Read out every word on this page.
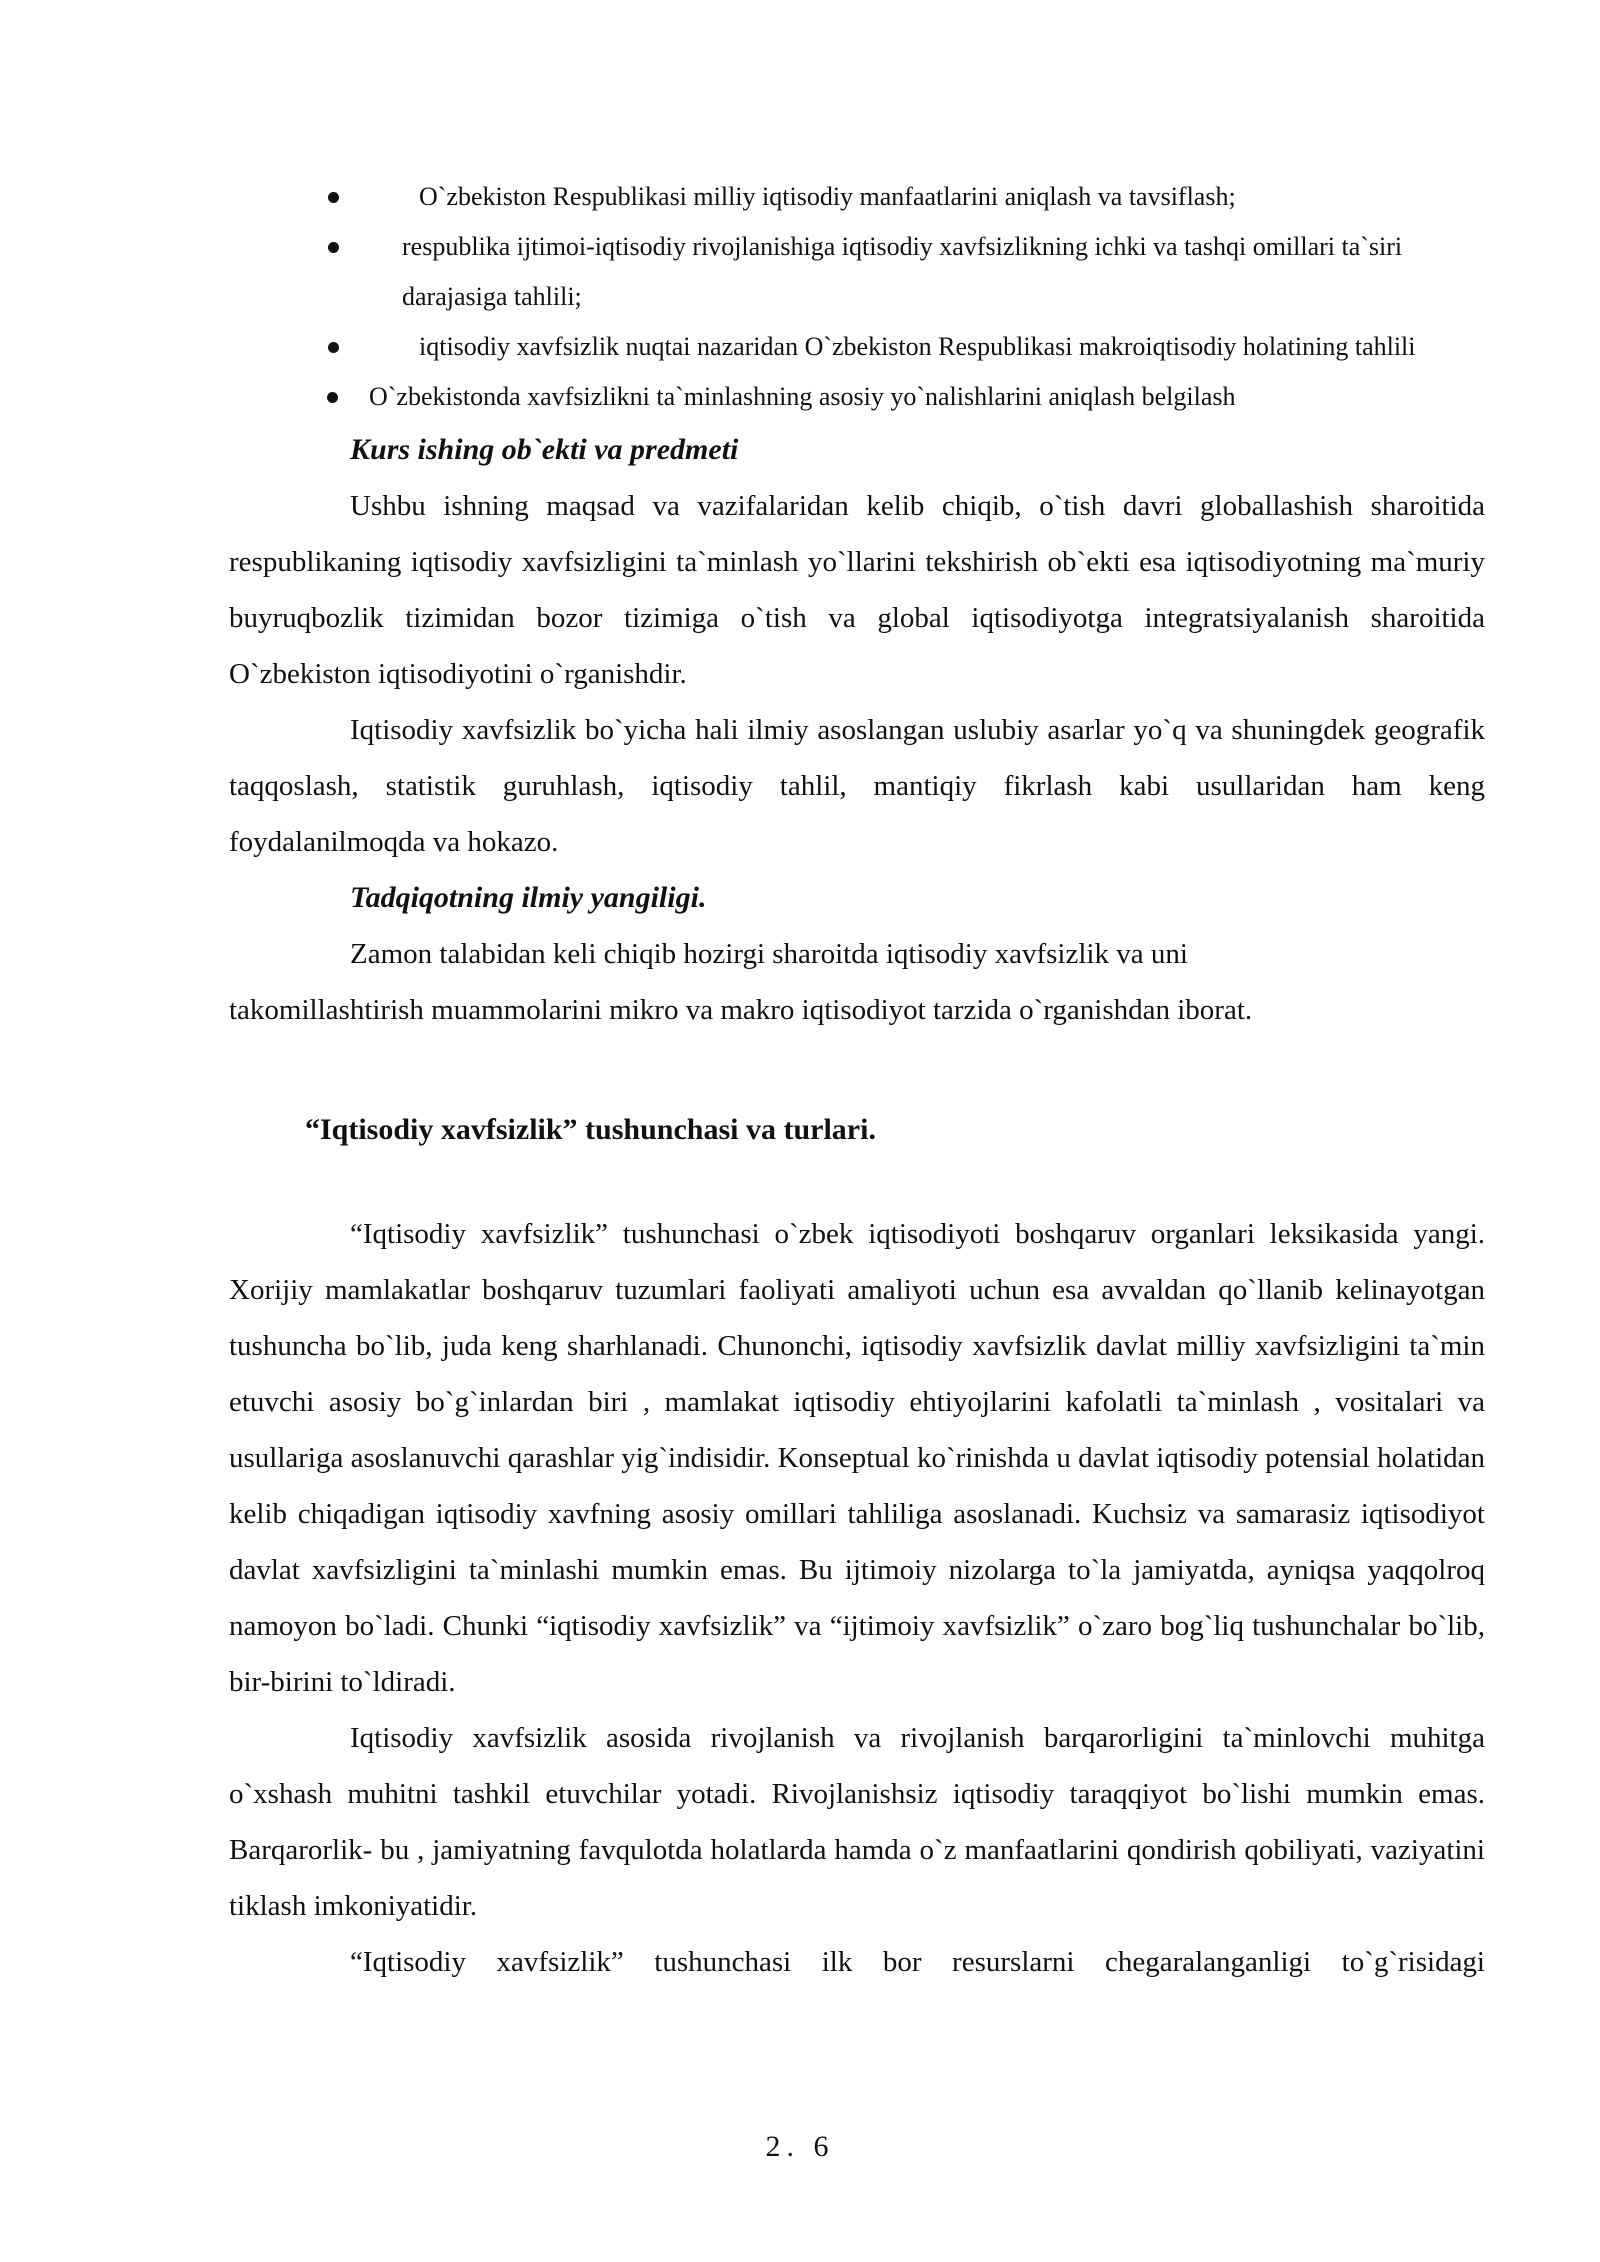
O`zbekiston Respublikasi milliy iqtisodiy manfaatlarini aniqlash va tavsiflash;
respublika ijtimoi-iqtisodiy rivojlanishiga iqtisodiy xavfsizlikning ichki va tashqi omillari ta`siri darajasiga tahlili;
iqtisodiy xavfsizlik nuqtai nazaridan O`zbekiston Respublikasi makroiqtisodiy holatining tahlili
O`zbekistonda xavfsizlikni ta`minlashning asosiy yo`nalishlarini aniqlash belgilash

Kurs ishing ob`ekti va predmeti

Ushbu ishning maqsad va vazifalaridan kelib chiqib, o`tish davri globallashish sharoitida respublikaning iqtisodiy xavfsizligini ta`minlash yo`llarini tekshirish ob`ekti esa iqtisodiyotning ma`muriy buyruqbozlik tizimidan bozor tizimiga o`tish va global iqtisodiyotga integratsiyalanish sharoitida O`zbekiston iqtisodiyotini o`rganishdir.

Iqtisodiy xavfsizlik bo`yicha hali ilmiy asoslangan uslubiy asarlar yo`q va shuningdek geografik taqqoslash, statistik guruhlash, iqtisodiy tahlil, mantiqiy fikrlash kabi usullaridan ham keng foydalanilmoqda va hokazo.

Tadqiqotning ilmiy yangiligi.

Zamon talabidan keli chiqib hozirgi sharoitda iqtisodiy xavfsizlik va uni

takomillashtirish muammolarini mikro va makro iqtisodiyot tarzida o`rganishdan iborat.

“Iqtisodiy xavfsizlik” tushunchasi va turlari.

“Iqtisodiy xavfsizlik” tushunchasi o`zbek iqtisodiyoti boshqaruv organlari leksikasida yangi. Xorijiy mamlakatlar boshqaruv tuzumlari faoliyati amaliyoti uchun esa avvaldan qo`llanib kelinayotgan tushuncha bo`lib, juda keng sharhlanadi. Chunonchi, iqtisodiy xavfsizlik davlat milliy xavfsizligini ta`min etuvchi asosiy bo`g`inlardan biri , mamlakat iqtisodiy ehtiyojlarini kafolatli ta`minlash , vositalari va usullariga asoslanuvchi qarashlar yig`indisidir. Konseptual ko`rinishda u davlat iqtisodiy potensial holatidan kelib chiqadigan iqtisodiy xavfning asosiy omillari tahliliga asoslanadi. Kuchsiz va samarasiz iqtisodiyot davlat xavfsizligini ta`minlashi mumkin emas. Bu ijtimoiy nizolarga to`la jamiyatda, ayniqsa yaqqolroq namoyon bo`ladi. Chunki “iqtisodiy xavfsizlik” va “ijtimoiy xavfsizlik” o`zaro bog`liq tushunchalar bo`lib, bir-birini to`ldiradi.

Iqtisodiy xavfsizlik asosida rivojlanish va rivojlanish barqarorligini ta`minlovchi muhitga o`xshash muhitni tashkil etuvchilar yotadi. Rivojlanishsiz iqtisodiy taraqqiyot bo`lishi mumkin emas. Barqarorlik- bu , jamiyatning favqulotda holatlarda hamda o`z manfaatlarini qondirish qobiliyati, vaziyatini tiklash imkoniyatidir.

“Iqtisodiy xavfsizlik” tushunchasi ilk bor resurslarni chegaralanganligi to`g`risidagi

2. 6
